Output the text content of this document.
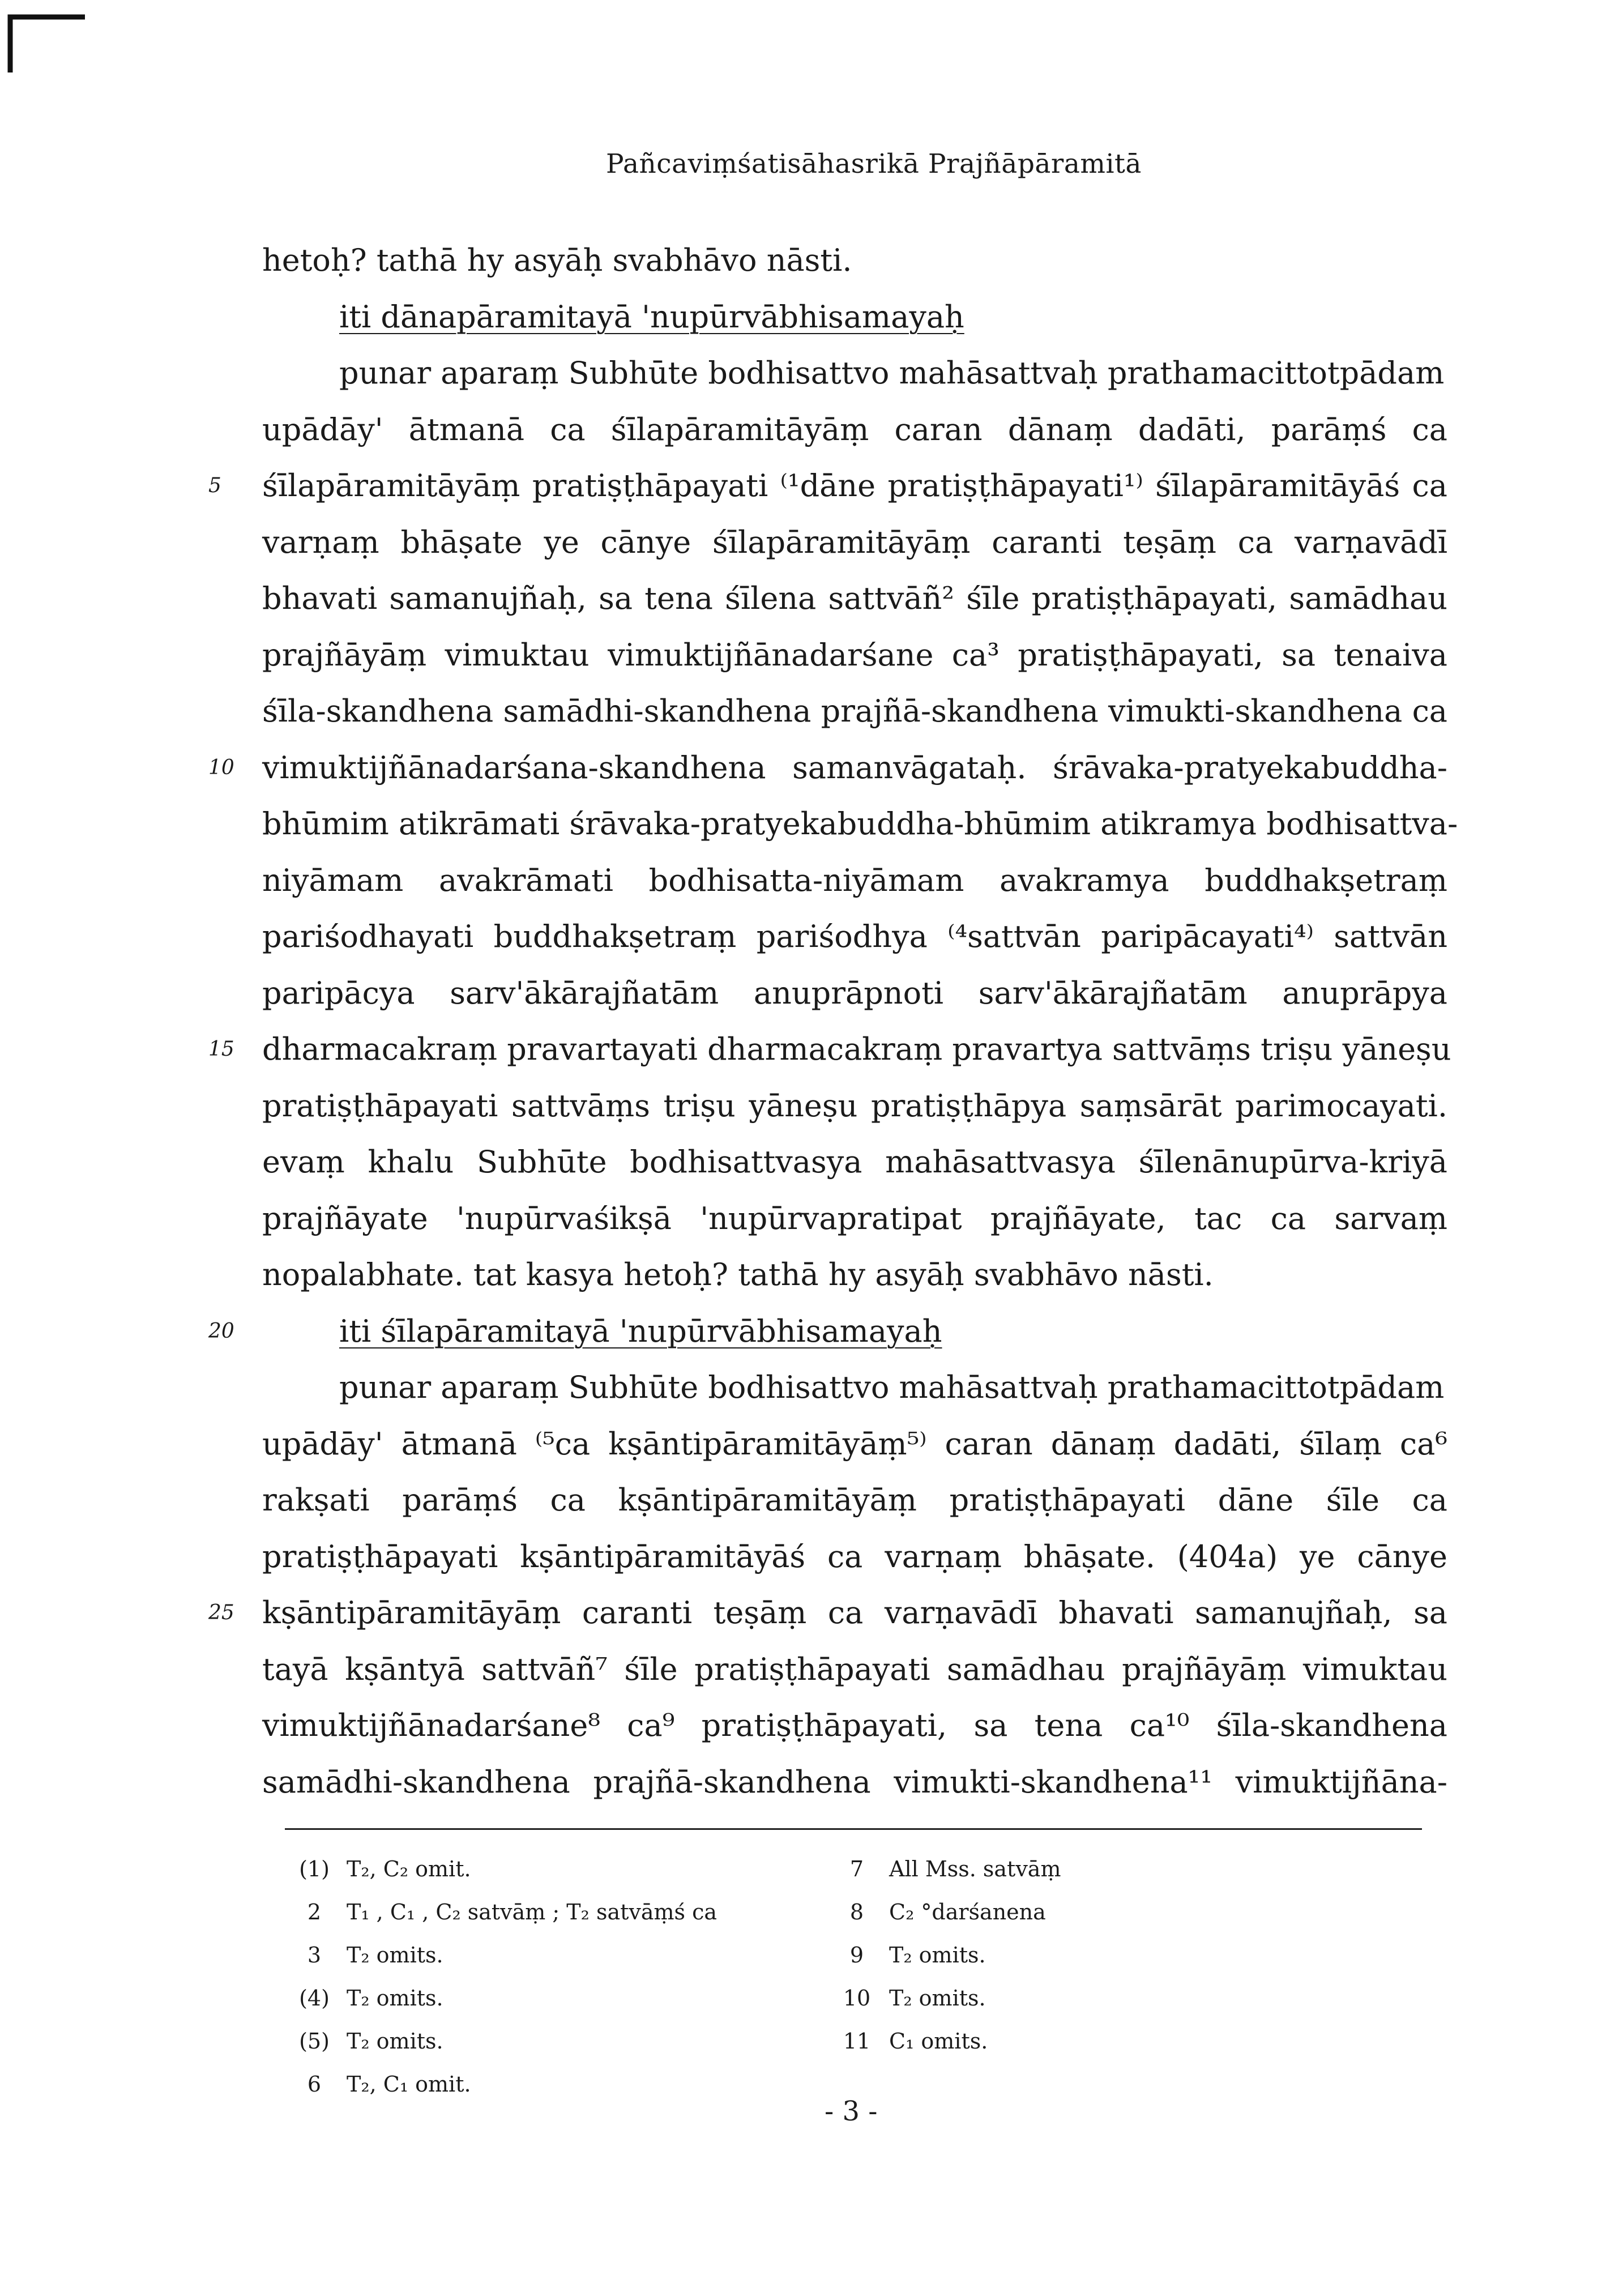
Pañcaviṃśatisāhasrikā Prajñāpāramitā
hetoḥ? tathā hy asyāḥ svabhāvo nāsti.
iti dānapāramitayā 'nupūrvābhisamayaḥ
punar aparaṃ Subhūte bodhisattvo mahāsattvaḥ prathamacittotpādam
upādāy' ātmanā ca śīlapāramitāyāṃ caran dānaṃ dadāti, parāṃś ca
5	śīlapāramitāyāṃ pratiṣṭhāpayati ⁽¹dāne pratiṣṭhāpayati¹⁾ śīlapāramitāyāś ca
varṇaṃ bhāṣate ye cānye śīlapāramitāyāṃ caranti teṣāṃ ca varṇavādī
bhavati samanujñaḥ, sa tena śīlena sattvāñ² śīle pratiṣṭhāpayati, samādhau
prajñāyāṃ vimuktau vimuktijñānadarśane ca³ pratiṣṭhāpayati, sa tenaiva
śīla-skandhena samādhi-skandhena prajñā-skandhena vimukti-skandhena ca
10 vimuktijñānadarśana-skandhena samanvāgataḥ. śrāvaka-pratyekabuddha-
bhūmim atikrāmati śrāvaka-pratyekabuddha-bhūmim atikramya bodhisattva-
niyāmam avakrāmati bodhisatta-niyāmam avakramya buddhakṣetraṃ
pariśodhayati buddhakṣetraṃ pariśodhya ⁽⁴sattvān paripācayati⁴⁾ sattvān
paripācya sarv'ākārajñatām anuprāpnoti sarv'ākārajñatām anuprāpya
15 dharmacakraṃ pravartayati dharmacakraṃ pravartya sattvāṃs triṣu yāneṣu
pratiṣṭhāpayati sattvāṃs triṣu yāneṣu pratiṣṭhāpya saṃsārāt parimocayati.
evaṃ khalu Subhūte bodhisattvasya mahāsattvasya śīlenānupūrva-kriyā
prajñāyate 'nupūrvaśikṣā 'nupūrvapratipat prajñāyate, tac ca sarvaṃ
nopalabhate. tat kasya hetoḥ? tathā hy asyāḥ svabhāvo nāsti.
20	iti śīlapāramitayā 'nupūrvābhisamayaḥ
punar aparaṃ Subhūte bodhisattvo mahāsattvaḥ prathamacittotpādam
upādāy' ātmanā ⁽⁵ca kṣāntipāramitāyāṃ⁵⁾ caran dānaṃ dadāti, śīlaṃ ca⁶
rakṣati parāṃś ca kṣāntipāramitāyāṃ pratiṣṭhāpayati dāne śīle ca
pratiṣṭhāpayati kṣāntipāramitāyāś ca varṇaṃ bhāṣate. (404a) ye cānye
25 kṣāntipāramitāyāṃ caranti teṣāṃ ca varṇavādī bhavati samanujñaḥ, sa
tayā kṣāntyā sattvāñ⁷ śīle pratiṣṭhāpayati samādhau prajñāyāṃ vimuktau
vimuktijñānadarśane⁸ ca⁹ pratiṣṭhāpayati, sa tena ca¹⁰ śīla-skandhena
samādhi-skandhena prajñā-skandhena vimukti-skandhena¹¹ vimuktijñāna-
(1) T₂, C₂ omit.
2 T₁ , C₁ , C₂ satvāṃ ; T₂ satvāṃś ca
3 T₂ omits.
(4) T₂ omits.
(5) T₂ omits.
6 T₂, C₁ omit.
7 All Mss. satvāṃ
8 C₂ °darśanena
9 T₂ omits.
10 T₂ omits.
11 C₁ omits.
- 3 -
